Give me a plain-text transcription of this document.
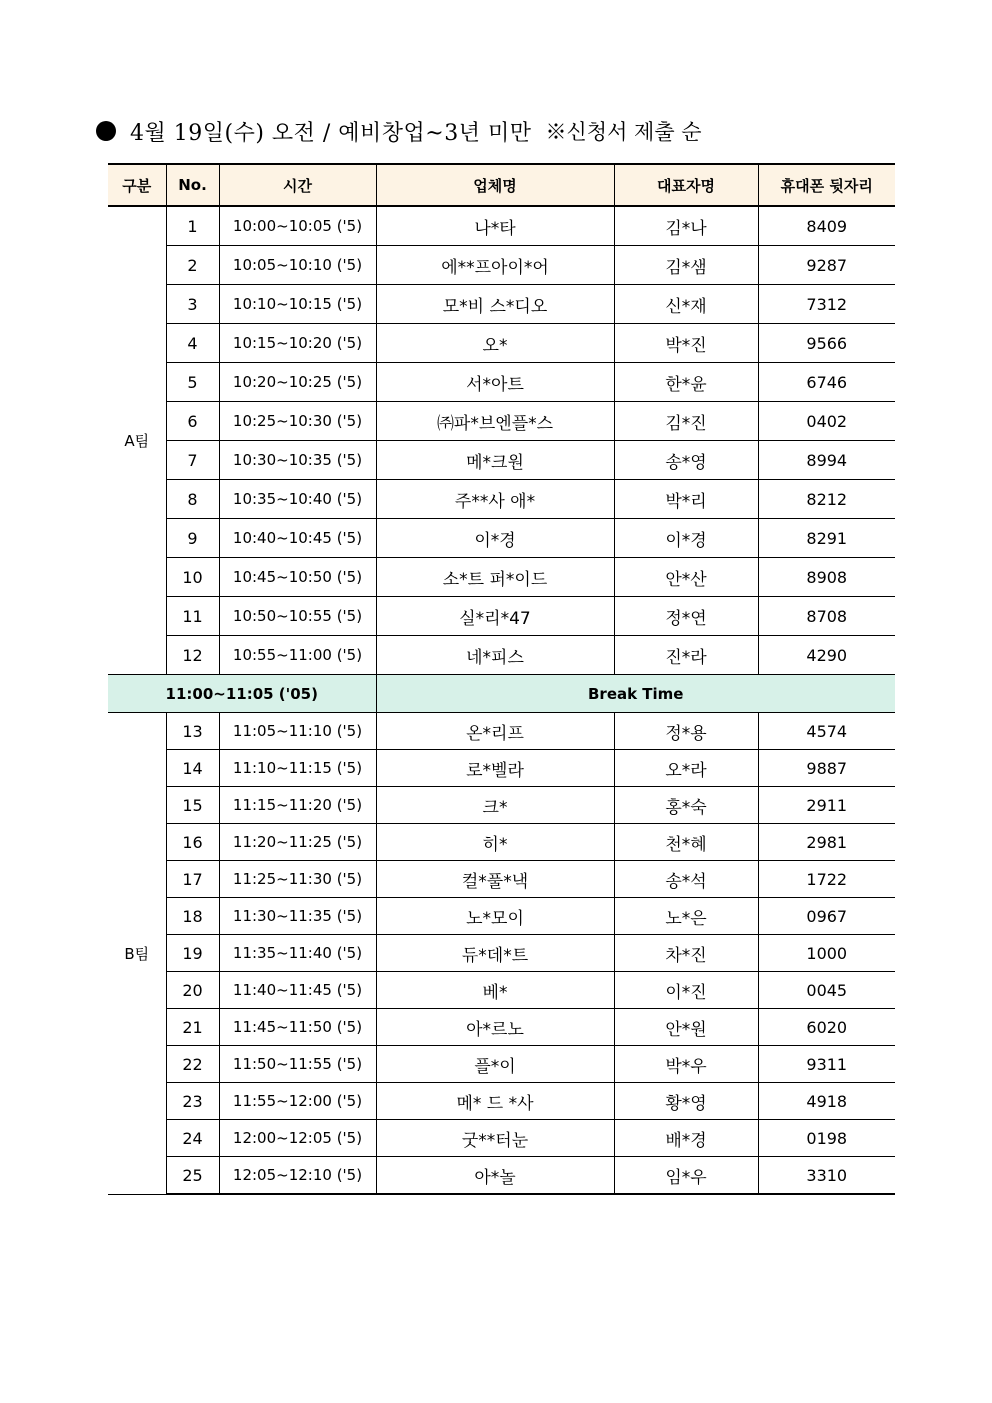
4월 19일(수) 오전 / 예비창업~3년 미만 ※신청서 제출 순
구분	No.	시간	업체명	대표자명	휴대폰 뒷자리
A팀	1	10:00~10:05 ('5)	나*타	김*나	8409
	2	10:05~10:10 ('5)	에**프아이*어	김*샘	9287
	3	10:10~10:15 ('5)	모*비 스*디오	신*재	7312
	4	10:15~10:20 ('5)	오*	박*진	9566
	5	10:20~10:25 ('5)	서*아트	한*윤	6746
	6	10:25~10:30 ('5)	㈜파*브엔플*스	김*진	0402
	7	10:30~10:35 ('5)	메*크원	송*영	8994
	8	10:35~10:40 ('5)	주**사 애*	박*리	8212
	9	10:40~10:45 ('5)	이*경	이*경	8291
	10	10:45~10:50 ('5)	소*트 퍼*이드	안*산	8908
	11	10:50~10:55 ('5)	실*리*47	정*연	8708
	12	10:55~11:00 ('5)	네*피스	진*라	4290
11:00~11:05 ('05)			Break Time		
B팀	13	11:05~11:10 ('5)	온*리프	정*용	4574
	14	11:10~11:15 ('5)	로*벨라	오*라	9887
	15	11:15~11:20 ('5)	크*	홍*숙	2911
	16	11:20~11:25 ('5)	히*	천*혜	2981
	17	11:25~11:30 ('5)	컬*풀*낵	송*석	1722
	18	11:30~11:35 ('5)	노*모이	노*은	0967
	19	11:35~11:40 ('5)	듀*데*트	차*진	1000
	20	11:40~11:45 ('5)	베*	이*진	0045
	21	11:45~11:50 ('5)	아*르노	안*원	6020
	22	11:50~11:55 ('5)	플*이	박*우	9311
	23	11:55~12:00 ('5)	메* 드 *사	황*영	4918
	24	12:00~12:05 ('5)	굿**터눈	배*경	0198
	25	12:05~12:10 ('5)	아*놀	임*우	3310
